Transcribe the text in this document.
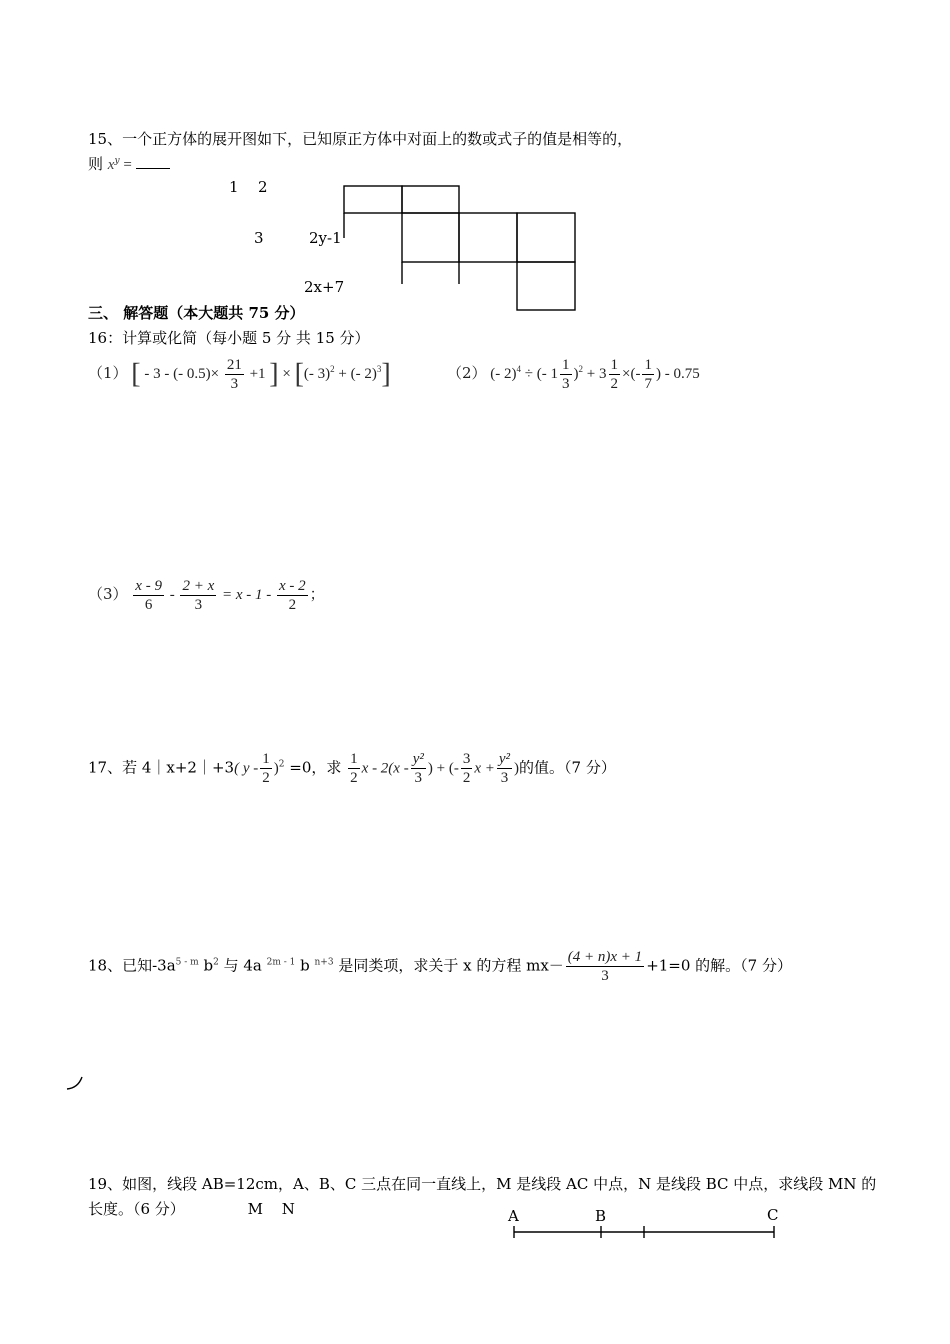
15、一个正方体的展开图如下，已知原正方体中对面上的数或式子的值是相等的，
则 $x^y$ =
1 2
3	2y-1
2x+7
三、 解答题（本大题共 75 分）
16：计算或化简（每小题 5 分 共 15 分）
（1） [ - 3 - (- $0.5)\times \frac{21}{3} +1$ ] × [(- 3)$^2$ + (- 2)$^3$]	（2） (- 2)$^4$ ÷ (- $1 \frac{1}{3} )^2 + 3 \frac{1}{2}$ ×(- $\frac{1}{7}$ ) - 0.75
$(3) \frac{x - 9}{6} - \frac{2 + x}{3} = x - 1 - \frac{x - 2}{2}$ ；
17、若 4｜x+2｜+3( $y - \frac{1}{2} )^2 =0$，求 $\frac{1}{2}$ x - $2(x - \frac{\text{y²}}{3}$ ) + (- $\frac{3}{2}$ $x + \frac{\text{y²}}{3}$ )的值。（7 分）
18、已知$-3a^{5 - m}$ $b^2$ 与 4a $^{2m - 1}$ b $^{n+3}$ 是同类项，求关于 x 的方程 $mx- \frac{(4 + n)x + 1}{3} +1=0$ 的解。（7 分）
19、如图，线段 AB=12cm，A、B、C 三点在同一直线上，M 是线段 AC 中点，N 是线段 BC 中点，求线段 MN 的
长度。（6 分）	M N	A	B	C
